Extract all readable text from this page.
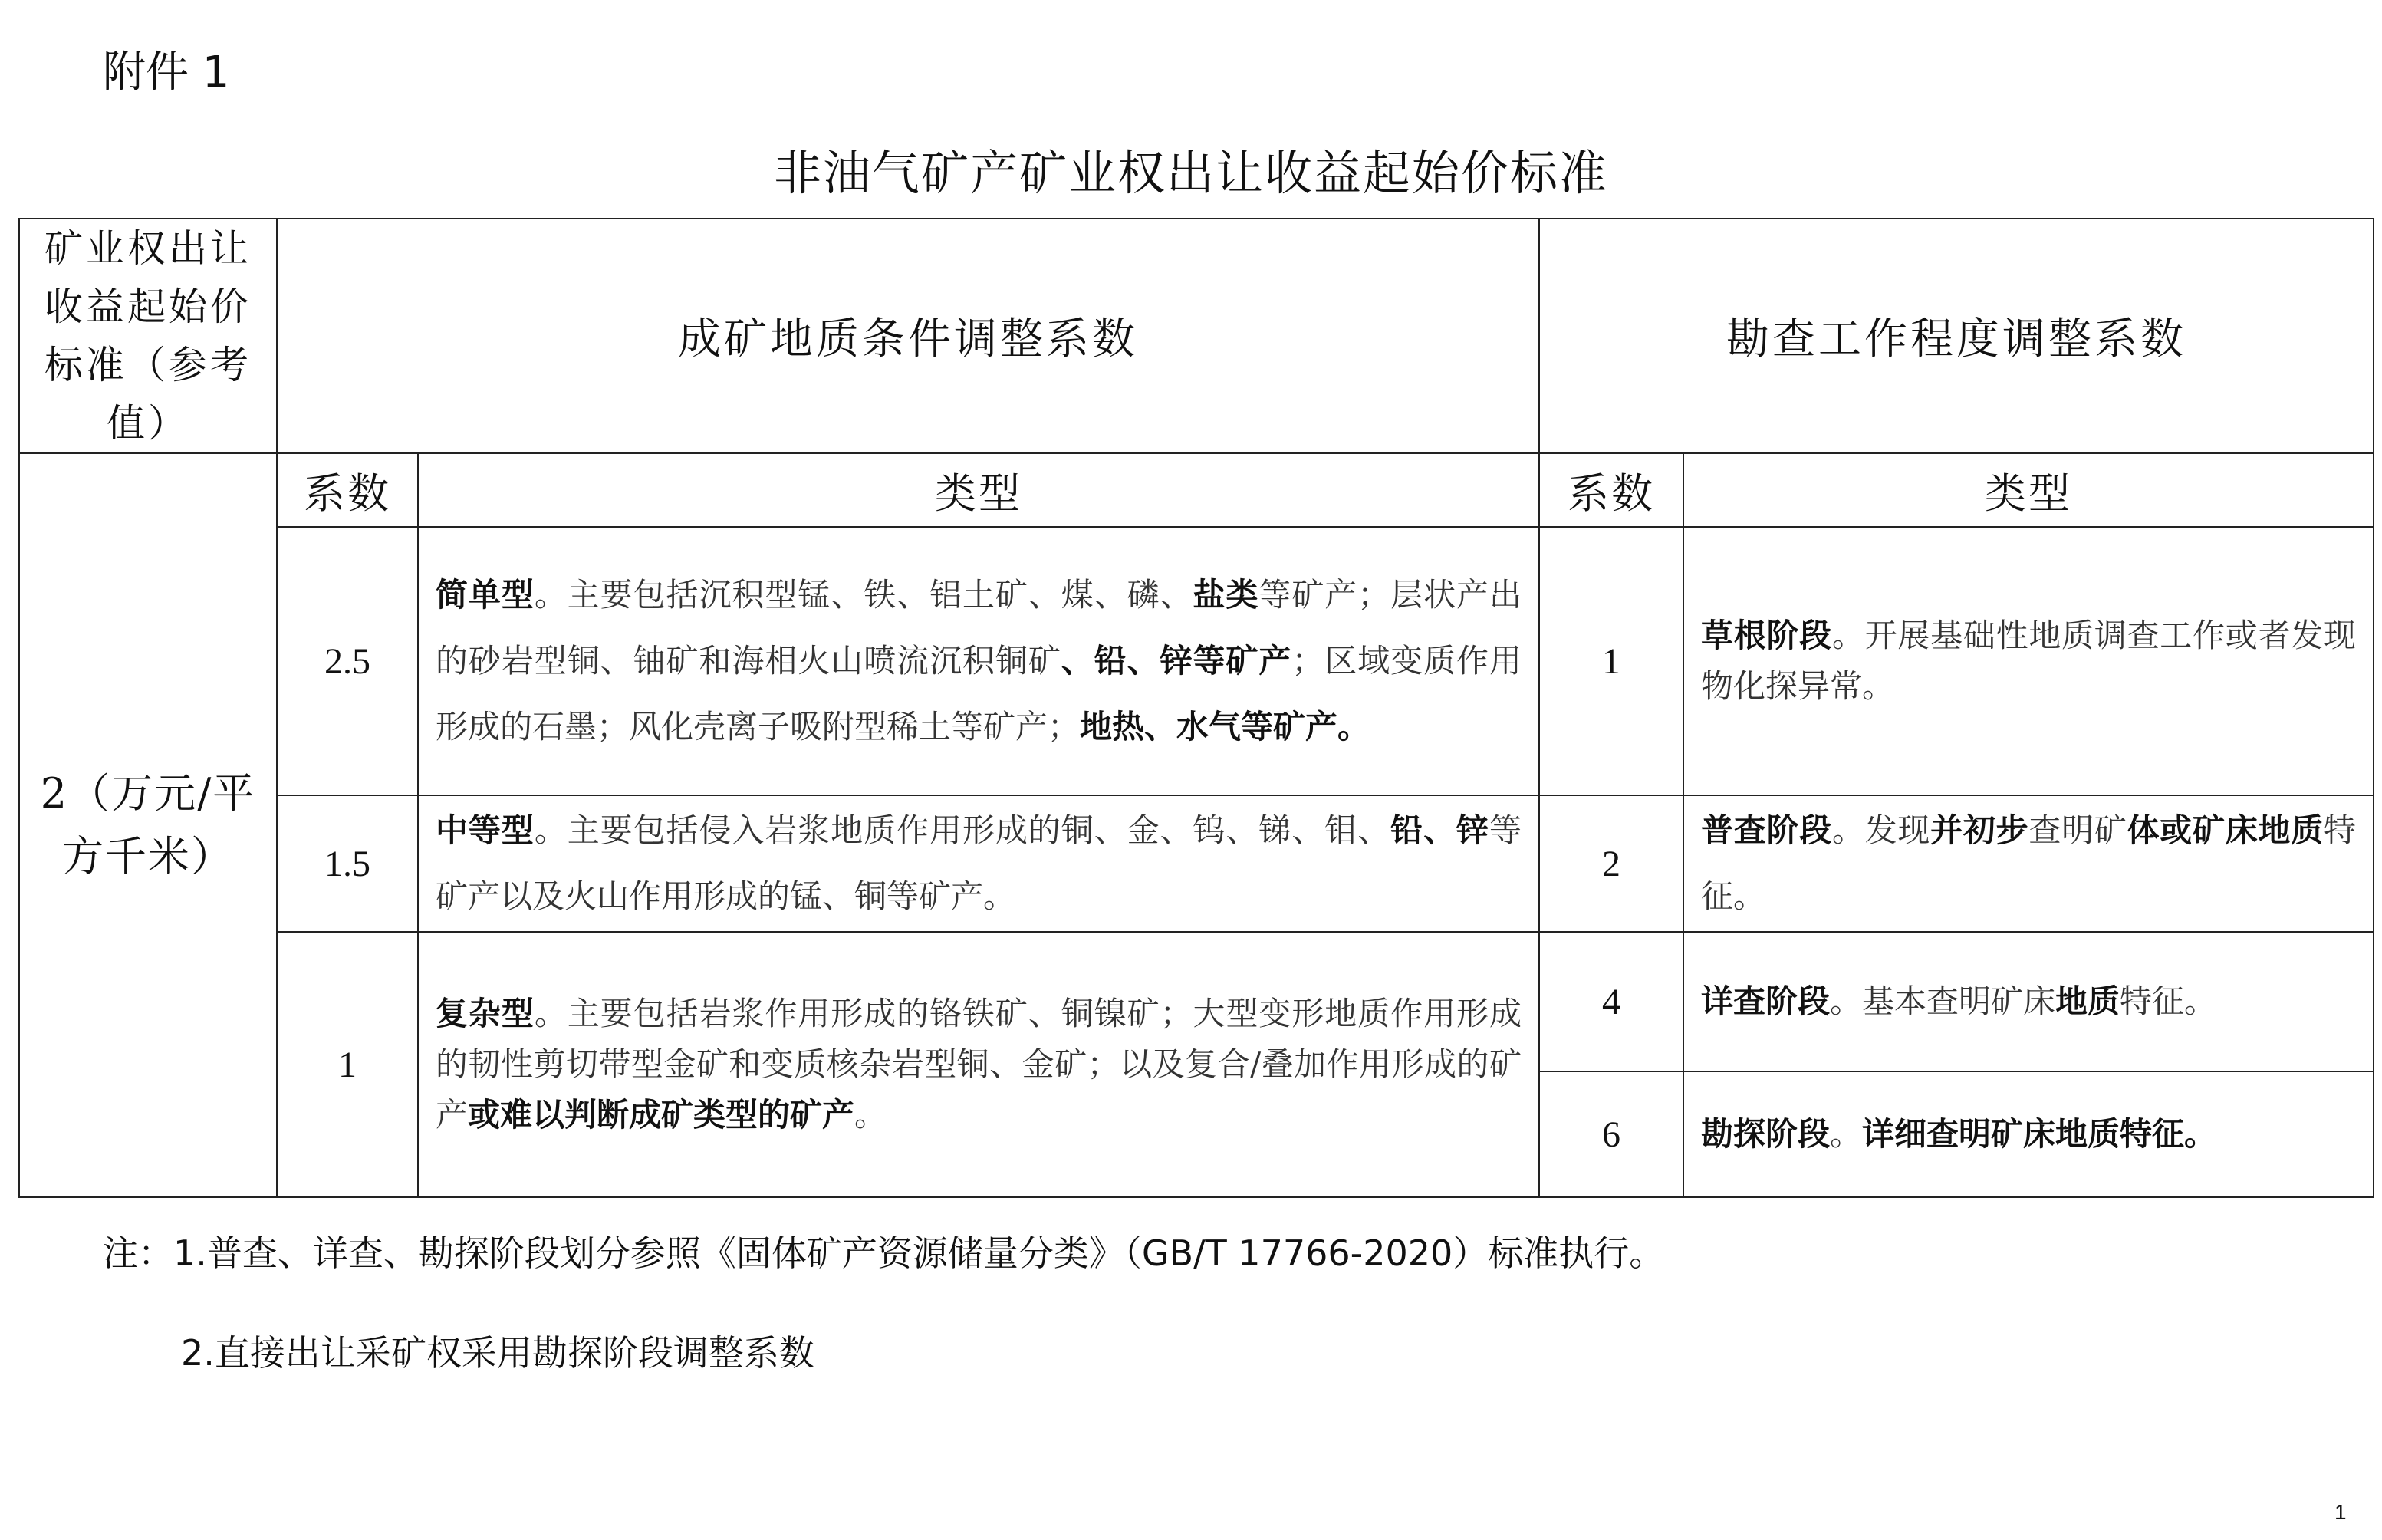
附件 1
非油气矿产矿业权出让收益起始价标准
矿业权出让收益起始价标准（参考值）	成矿地质条件调整系数		勘查工作程度调整系数	
2（万元/平方千米）	系数	类型	系数	类型
	2.5	简单型。主要包括沉积型锰、铁、铝土矿、煤、磷、盐类等矿产；层状产出的砂岩型铜、铀矿和海相火山喷流沉积铜矿、铅、锌等矿产；区域变质作用形成的石墨；风化壳离子吸附型稀土等矿产；地热、水气等矿产。	1	草根阶段。开展基础性地质调查工作或者发现物化探异常。
	1.5	中等型。主要包括侵入岩浆地质作用形成的铜、金、钨、锑、钼、铅、锌等矿产以及火山作用形成的锰、铜等矿产。	2	普查阶段。发现并初步查明矿体或矿床地质特征。
	1	复杂型。主要包括岩浆作用形成的铬铁矿、铜镍矿；大型变形地质作用形成的韧性剪切带型金矿和变质核杂岩型铜、金矿；以及复合/叠加作用形成的矿产或难以判断成矿类型的矿产。	4	详查阶段。基本查明矿床地质特征。
			6	勘探阶段。详细查明矿床地质特征。
注：1.普查、详查、勘探阶段划分参照《固体矿产资源储量分类》（GB/T 17766-2020）标准执行。
2.直接出让采矿权采用勘探阶段调整系数
1
